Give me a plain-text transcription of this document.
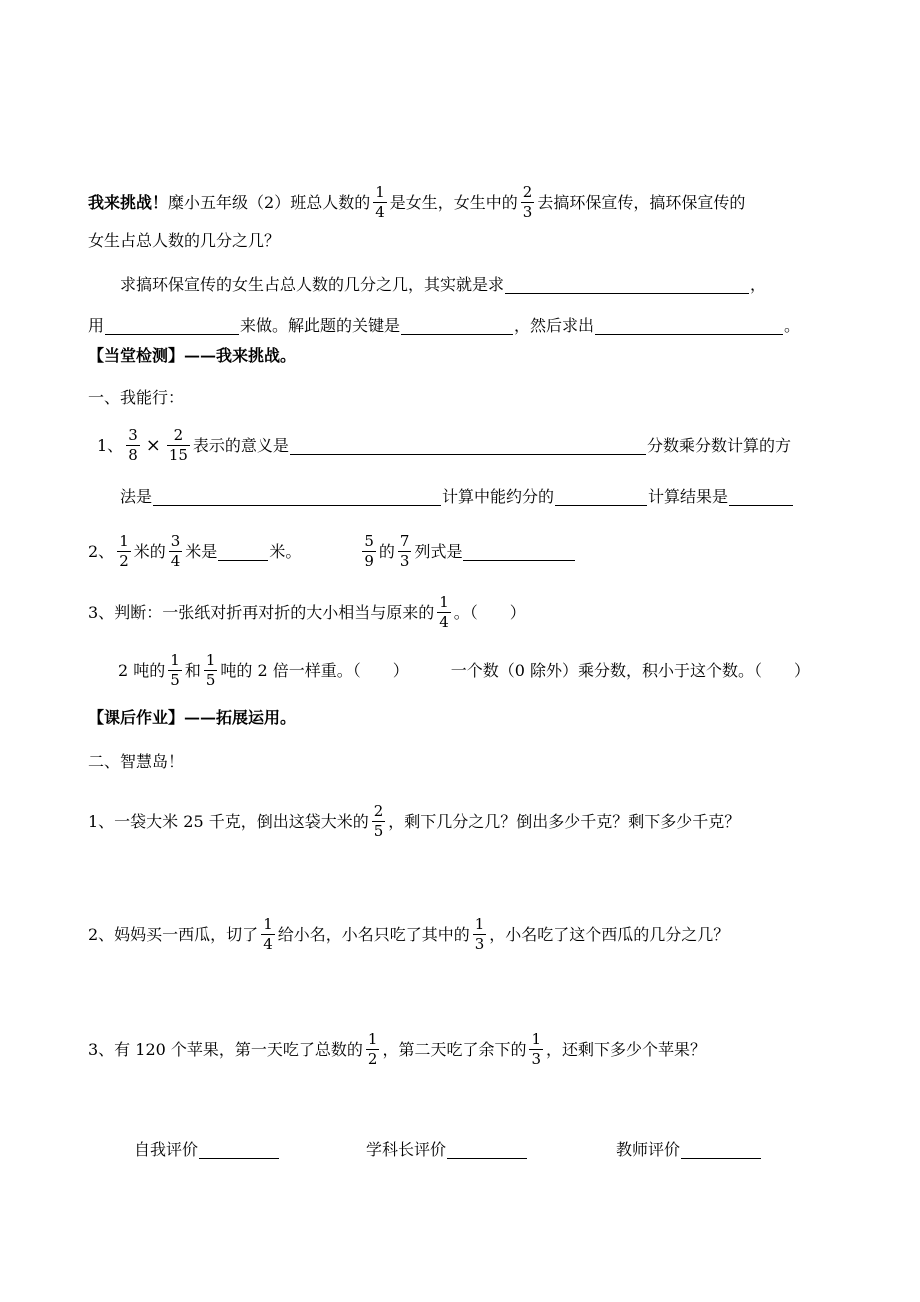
我来挑战！ 糜小五年级（2）班总人数的 $\frac{1}{4}$ 是女生，女生中的 $\frac{2}{3}$ 去搞环保宣传，搞环保宣传的
女生占总人数的几分之几？
求搞环保宣传的女生占总人数的几分之几，其实就是求	，
用	来做。解此题的关键是	，然后求出	。
【当堂检测】——我来挑战。
一、我能行：
1、 $\frac{3}{8} \times \frac{2}{15}$ 表示的意义是	分数乘分数计算的方
法是	计算中能约分的	计算结果是
2、 $\frac{1}{2}$ 米的 $\frac{3}{4}$ 米是	米。	$\frac{5}{9}$ 的 $\frac{7}{3}$ 列式是
3、 判断：一张纸对折再对折的大小相当与原来的 $\frac{1}{4}$ 。（　　）
2 吨的 $\frac{1}{5}$ 和 $\frac{1}{5}$ 吨的 2 倍一样重。（　　）	一个数（0 除外）乘分数，积小于这个数。（　　）
【课后作业】——拓展运用。
二、智慧岛！
1、一袋大米 25 千克，倒出这袋大米的 $\frac{2}{5}$ ，剩下几分之几？倒出多少千克？剩下多少千克？
2、妈妈买一西瓜，切了 $\frac{1}{4}$ 给小名，小名只吃了其中的 $\frac{1}{3}$ ，小名吃了这个西瓜的几分之几？
3、有 120 个苹果，第一天吃了总数的 $\frac{1}{2}$ ，第二天吃了余下的 $\frac{1}{3}$ ，还剩下多少个苹果？
自我评价	学科长评价	教师评价
